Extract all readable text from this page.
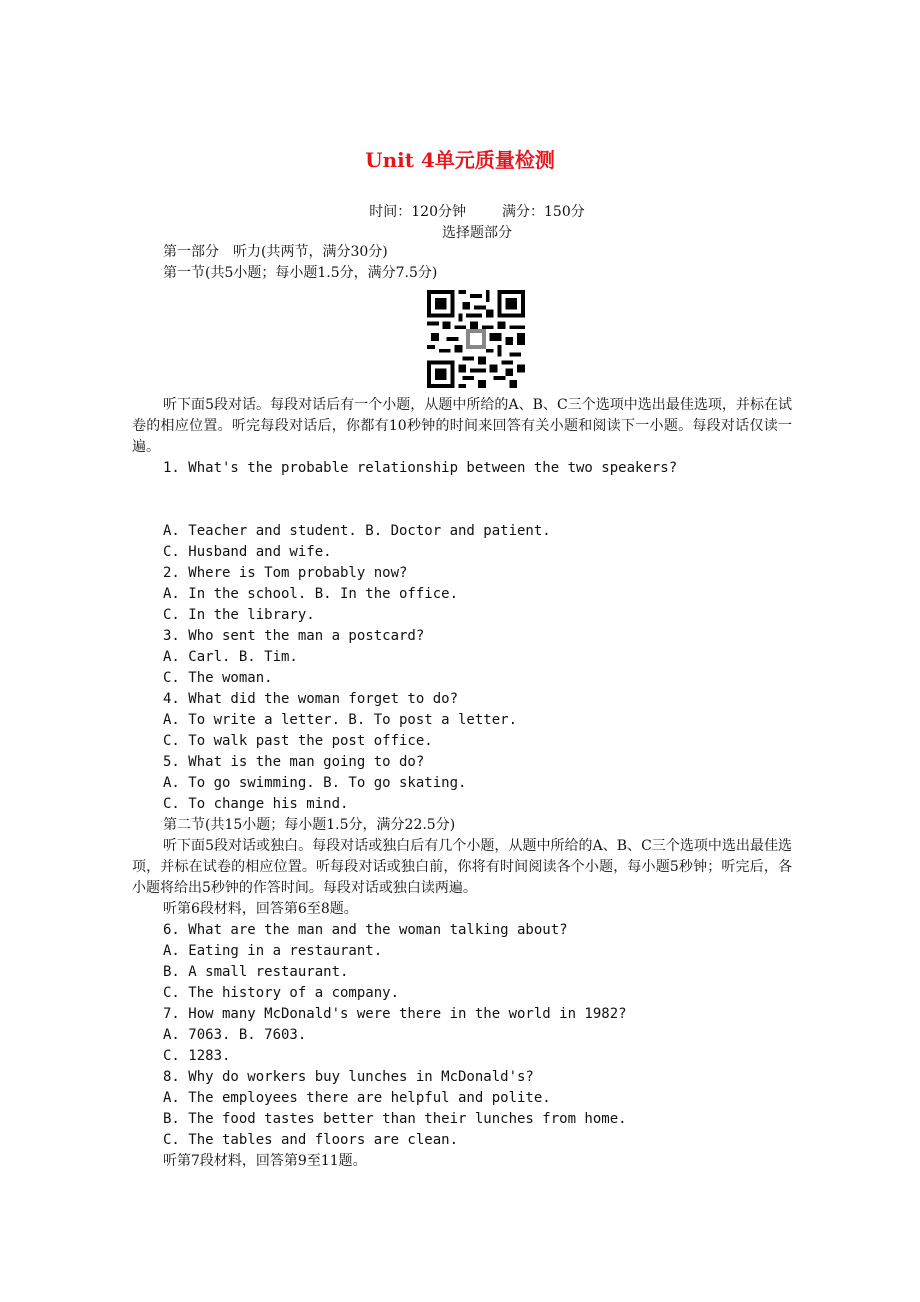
Unit 4单元质量检测
时间：120分钟	满分：150分
选择题部分
第一部分　听力(共两节，满分30分)
第一节(共5小题；每小题1.5分，满分7.5分)
听下面5段对话。每段对话后有一个小题，从题中所给的A、B、C三个选项中选出最佳选项，并标在试卷的相应位置。听完每段对话后，你都有10秒钟的时间来回答有关小题和阅读下一小题。每段对话仅读一遍。
1. What's the probable relationship between the two speakers?
A. Teacher and student. B. Doctor and patient.
C. Husband and wife.
2. Where is Tom probably now?
A. In the school. B. In the office.
C. In the library.
3. Who sent the man a postcard?
A. Carl. B. Tim.
C. The woman.
4. What did the woman forget to do?
A. To write a letter. B. To post a letter.
C. To walk past the post office.
5. What is the man going to do?
A. To go swimming. B. To go skating.
C. To change his mind.
第二节(共15小题；每小题1.5分，满分22.5分)
听下面5段对话或独白。每段对话或独白后有几个小题，从题中所给的A、B、C三个选项中选出最佳选项，并标在试卷的相应位置。听每段对话或独白前，你将有时间阅读各个小题，每小题5秒钟；听完后，各小题将给出5秒钟的作答时间。每段对话或独白读两遍。
听第6段材料，回答第6至8题。
6. What are the man and the woman talking about?
A. Eating in a restaurant.
B. A small restaurant.
C. The history of a company.
7. How many McDonald's were there in the world in 1982?
A. 7063. B. 7603.
C. 1283.
8. Why do workers buy lunches in McDonald's?
A. The employees there are helpful and polite.
B. The food tastes better than their lunches from home.
C. The tables and floors are clean.
听第7段材料，回答第9至11题。
